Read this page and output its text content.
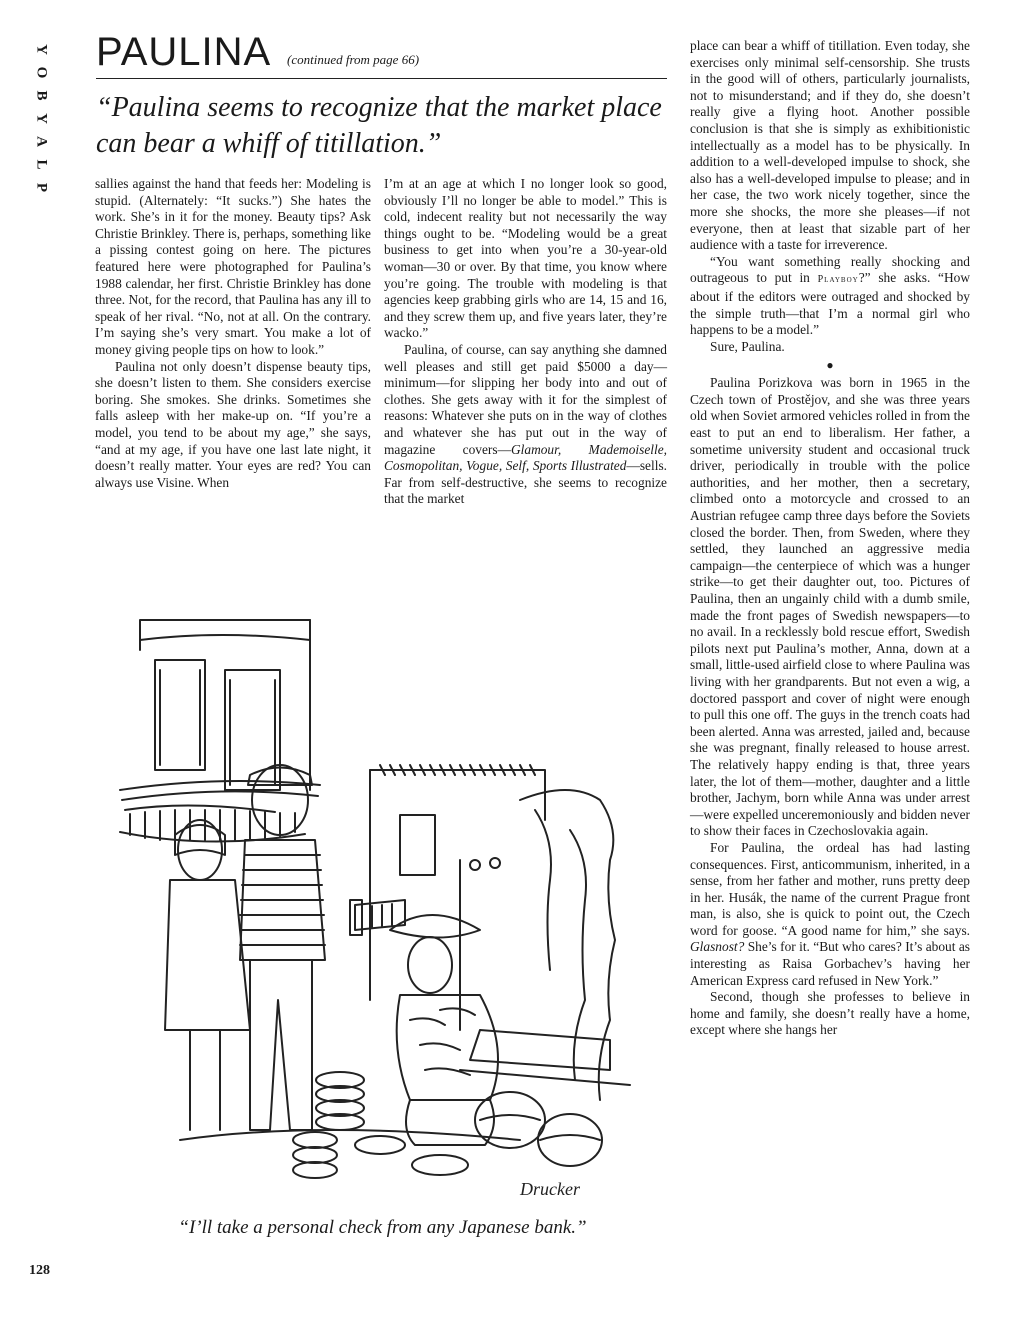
Y
O
B
Y
A
L
P
PAULINA (continued from page 66)
“Paulina seems to recognize that the market place can bear a whiff of titillation.”

sallies against the hand that feeds her: Modeling is stupid. (Alternately: “It sucks.”) She hates the work. She’s in it for the money. Beauty tips? Ask Christie Brinkley. There is, perhaps, something like a pissing contest going on here. The pictures featured here were photographed for Paulina’s 1988 calendar, her first. Christie Brinkley has done three. Not, for the record, that Paulina has any ill to speak of her rival. “No, not at all. On the contrary. I’m saying she’s very smart. You make a lot of money giving people tips on how to look.”

Paulina not only doesn’t dispense beauty tips, she doesn’t listen to them. She considers exercise boring. She smokes. She drinks. Sometimes she falls asleep with her make-up on. “If you’re a model, you tend to be about my age,” she says, “and at my age, if you have one last late night, it doesn’t really matter. Your eyes are red? You can always use Visine. When

I’m at an age at which I no longer look so good, obviously I’ll no longer be able to model.” This is cold, indecent reality but not necessarily the way things ought to be. “Modeling would be a great business to get into when you’re a 30-year-old woman—30 or over. By that time, you know where you’re going. The trouble with modeling is that agencies keep grabbing girls who are 14, 15 and 16, and they screw them up, and five years later, they’re wacko.”

Paulina, of course, can say anything she damned well pleases and still get paid $5000 a day—minimum—for slipping her body into and out of clothes. She gets away with it for the simplest of reasons: Whatever she puts on in the way of clothes and whatever she has put out in the way of magazine covers—Glamour, Mademoiselle, Cosmopolitan, Vogue, Self, Sports Illustrated—sells. Far from self-destructive, she seems to recognize that the market

place can bear a whiff of titillation. Even today, she exercises only minimal self-censorship. She trusts in the good will of others, particularly journalists, not to misunderstand; and if they do, she doesn’t really give a flying hoot. Another possible conclusion is that she is simply as exhibitionistic intellectually as a model has to be physically. In addition to a well-developed impulse to shock, she also has a well-developed impulse to please; and in her case, the two work nicely together, since the more she shocks, the more she pleases—if not everyone, then at least that sizable part of her audience with a taste for irreverence.

“You want something really shocking and outrageous to put in Playboy?” she asks. “How about if the editors were outraged and shocked by the simple truth—that I’m a normal girl who happens to be a model.”

Sure, Paulina.

●

Paulina Porizkova was born in 1965 in the Czech town of Prostějov, and she was three years old when Soviet armored vehicles rolled in from the east to put an end to liberalism. Her father, a sometime university student and occasional truck driver, periodically in trouble with the police authorities, and her mother, then a secretary, climbed onto a motorcycle and crossed to an Austrian refugee camp three days before the Soviets closed the border. Then, from Sweden, where they settled, they launched an aggressive media campaign—the centerpiece of which was a hunger strike—to get their daughter out, too. Pictures of Paulina, then an ungainly child with a dumb smile, made the front pages of Swedish newspapers—to no avail. In a recklessly bold rescue effort, Swedish pilots next put Paulina’s mother, Anna, down at a small, little-used airfield close to where Paulina was living with her grandparents. But not even a wig, a doctored passport and cover of night were enough to pull this one off. The guys in the trench coats had been alerted. Anna was arrested, jailed and, because she was pregnant, finally released to house arrest. The relatively happy ending is that, three years later, the lot of them—mother, daughter and a little brother, Jachym, born while Anna was under arrest—were expelled unceremoniously and bidden never to show their faces in Czechoslovakia again.

For Paulina, the ordeal has had lasting consequences. First, anticommunism, inherited, in a sense, from her father and mother, runs pretty deep in her. Husák, the name of the current Prague front man, is also, she is quick to point out, the Czech word for goose. “A good name for him,” she says. Glasnost? She’s for it. “But who cares? It’s about as interesting as Raisa Gorbachev’s having her American Express card refused in New York.”

Second, though she professes to believe in home and family, she doesn’t really have a home, except where she hangs her

Drucker
“I’ll take a personal check from any Japanese bank.”
128
